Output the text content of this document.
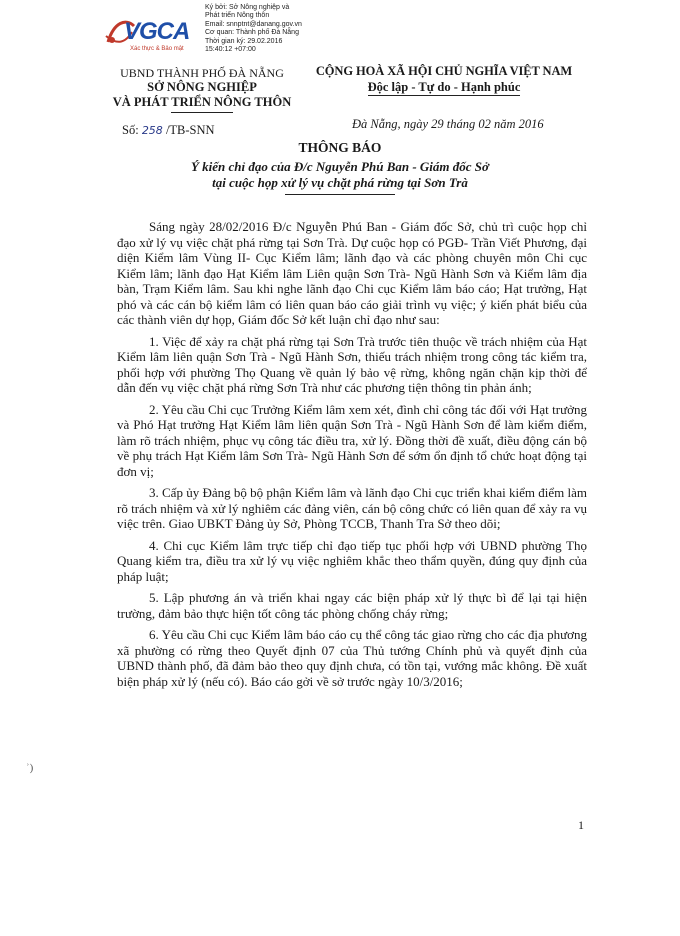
VGCA
Xác thực & Bảo mật
Ký bởi: Sở Nông nghiệp và
Phát triển Nông thôn
Email: snnptnt@danang.gov.vn
Cơ quan: Thành phố Đà Nẵng
Thời gian ký: 29.02.2016
15:40:12 +07:00
UBND THÀNH PHỐ ĐÀ NẴNG
SỞ NÔNG NGHIỆP
VÀ PHÁT TRIỂN NÔNG THÔN
CỘNG HOÀ XÃ HỘI CHỦ NGHĨA VIỆT NAM
Độc lập - Tự do - Hạnh phúc
Số: 258 /TB-SNN	Đà Nẵng, ngày 29 tháng 02 năm 2016
THÔNG BÁO
Ý kiến chỉ đạo của Đ/c Nguyễn Phú Ban - Giám đốc Sở
tại cuộc họp xử lý vụ chặt phá rừng tại Sơn Trà

Sáng ngày 28/02/2016 Đ/c Nguyễn Phú Ban - Giám đốc Sở, chủ trì cuộc họp chỉ đạo xử lý vụ việc chặt phá rừng tại Sơn Trà. Dự cuộc họp có PGĐ- Trần Viết Phương, đại diện Kiểm lâm Vùng II- Cục Kiểm lâm; lãnh đạo và các phòng chuyên môn Chi cục Kiểm lâm; lãnh đạo Hạt Kiểm lâm Liên quận Sơn Trà- Ngũ Hành Sơn và Kiểm lâm địa bàn, Trạm Kiểm lâm. Sau khi nghe lãnh đạo Chi cục Kiểm lâm báo cáo; Hạt trưởng, Hạt phó và các cán bộ kiểm lâm có liên quan báo cáo giải trình vụ việc; ý kiến phát biểu của các thành viên dự họp, Giám đốc Sở kết luận chỉ đạo như sau:

1. Việc để xảy ra chặt phá rừng tại Sơn Trà trước tiên thuộc về trách nhiệm của Hạt Kiểm lâm liên quận Sơn Trà - Ngũ Hành Sơn, thiếu trách nhiệm trong công tác kiểm tra, phối hợp với phường Thọ Quang về quản lý bảo vệ rừng, không ngăn chặn kịp thời để dẫn đến vụ việc chặt phá rừng Sơn Trà như các phương tiện thông tin phản ánh;

2. Yêu cầu Chi cục Trưởng Kiểm lâm xem xét, đình chỉ công tác đối với Hạt trưởng và Phó Hạt trưởng Hạt Kiểm lâm liên quận Sơn Trà - Ngũ Hành Sơn để làm kiểm điểm, làm rõ trách nhiệm, phục vụ công tác điều tra, xử lý. Đồng thời đề xuất, điều động cán bộ về phụ trách Hạt Kiểm lâm Sơn Trà- Ngũ Hành Sơn để sớm ổn định tổ chức hoạt động tại đơn vị;

3. Cấp ủy Đảng bộ bộ phận Kiểm lâm và lãnh đạo Chi cục triển khai kiểm điểm làm rõ trách nhiệm và xử lý nghiêm các đảng viên, cán bộ công chức có liên quan để xảy ra vụ việc trên. Giao UBKT Đảng ủy Sở, Phòng TCCB, Thanh Tra Sở theo dõi;

4. Chi cục Kiểm lâm trực tiếp chỉ đạo tiếp tục phối hợp với UBND phường Thọ Quang kiểm tra, điều tra xử lý vụ việc nghiêm khắc theo thẩm quyền, đúng quy định của pháp luật;

5. Lập phương án và triển khai ngay các biện pháp xử lý thực bì để lại tại hiện trường, đảm bảo thực hiện tốt công tác phòng chống cháy rừng;

6. Yêu cầu Chi cục Kiểm lâm báo cáo cụ thể công tác giao rừng cho các địa phương xã phường có rừng theo Quyết định 07 của Thủ tướng Chính phủ và quyết định của UBND thành phố, đã đảm bảo theo quy định chưa, có tồn tại, vướng mắc không. Đề xuất biện pháp xử lý (nếu có). Báo cáo gởi về sở trước ngày 10/3/2016;

ʾ)
1
